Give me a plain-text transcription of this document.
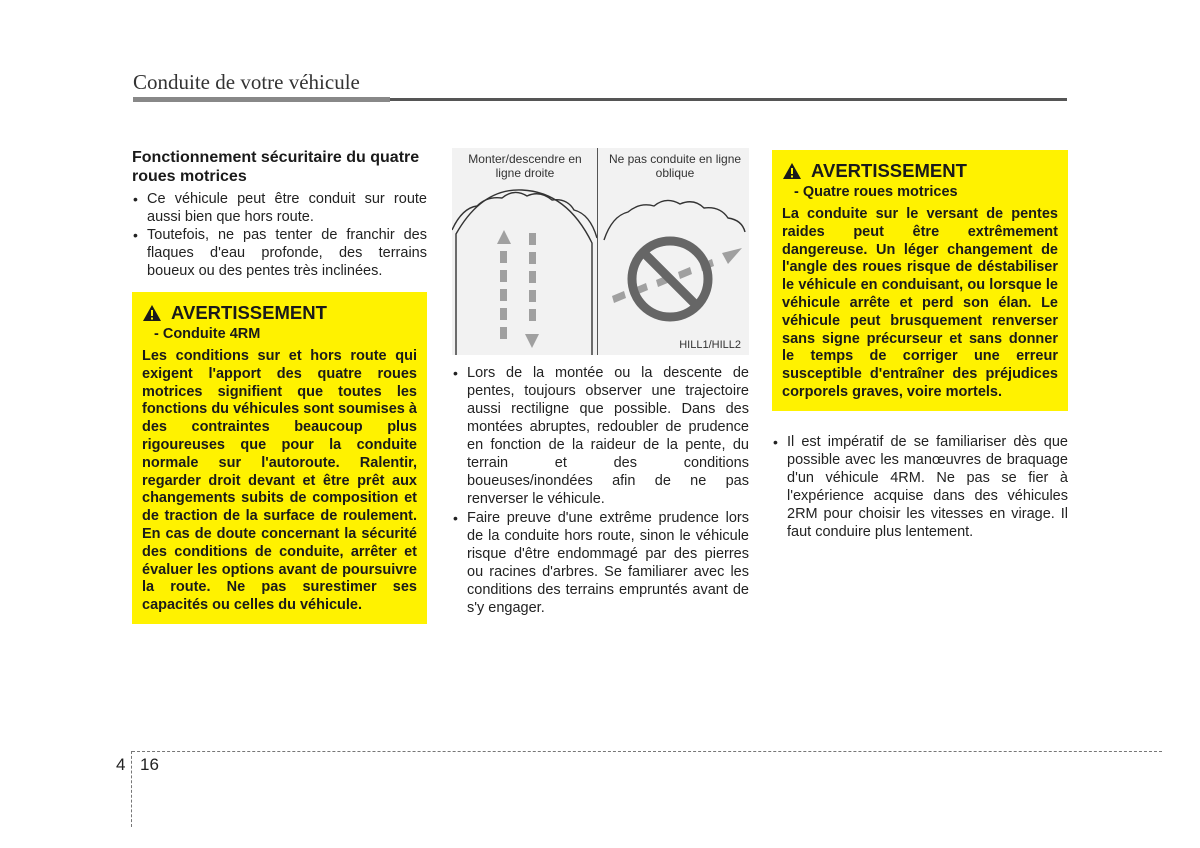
Conduite de votre véhicule
Fonctionnement sécuritaire du quatre roues motrices
• Ce véhicule peut être conduit sur route aussi bien que hors route.
• Toutefois, ne pas tenter de franchir des flaques d'eau profonde, des terrains boueux ou des pentes très inclinées.
AVERTISSEMENT
- Conduite 4RM
Les conditions sur et hors route qui exigent l'apport des quatre roues motrices signifient que toutes les fonctions du véhicules sont soumises à des contraintes beaucoup plus rigoureuses que pour la conduite normale sur l'autoroute. Ralentir, regarder droit devant et être prêt aux changements subits de composition et de traction de la surface de roulement. En cas de doute concernant la sécurité des conditions de conduite, arrêter et évaluer les options avant de poursuivre la route. Ne pas surestimer ses capacités ou celles du véhicule.
Monter/descendre en ligne droite
Ne pas conduite en ligne oblique
HILL1/HILL2
• Lors de la montée ou la descente de pentes, toujours observer une trajectoire aussi rectiligne que possible. Dans des montées abruptes, redoubler de prudence en fonction de la raideur de la pente, du terrain et des conditions boueuses/inondées afin de ne pas renverser le véhicule.
• Faire preuve d'une extrême prudence lors de la conduite hors route, sinon le véhicule risque d'être endommagé par des pierres ou racines d'arbres. Se familiarer avec les conditions des terrains empruntés avant de s'y engager.
AVERTISSEMENT
- Quatre roues motrices
La conduite sur le versant de pentes raides peut être extrêmement dangereuse. Un léger changement de l'angle des roues risque de déstabiliser le véhicule en conduisant, ou lorsque le véhicule arrête et perd son élan. Le véhicule peut brusquement renverser sans signe précurseur et sans donner le temps de corriger une erreur susceptible d'entraîner des préjudices corporels graves, voire mortels.
• Il est impératif de se familiariser dès que possible avec les manœuvres de braquage d'un véhicule 4RM. Ne pas se fier à l'expérience acquise dans des véhicules 2RM pour choisir les vitesses en virage. Il faut conduire plus lentement.
4 16
